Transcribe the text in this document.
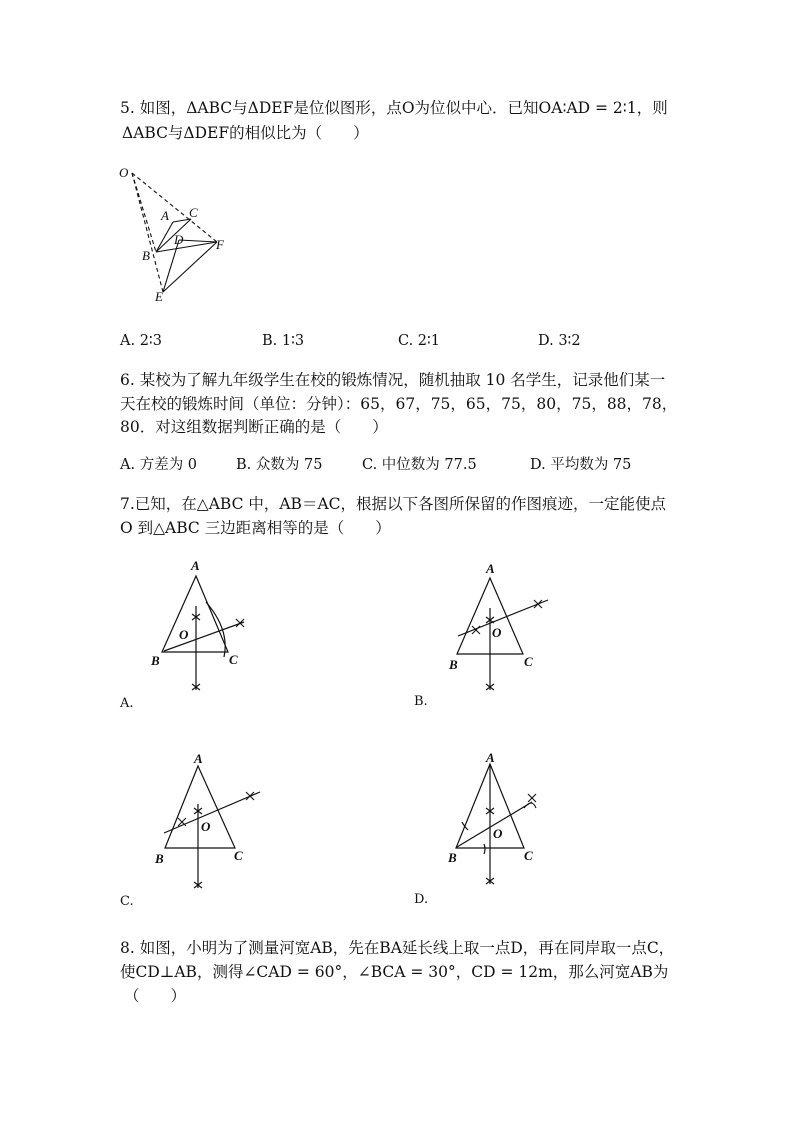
5. 如图，ΔABC与ΔDEF是位似图形，点O为位似中心．已知OA∶AD = 2∶1，则
ΔABC与ΔDEF的相似比为（　　）
O
A C
D	F
B
E
A. 2∶3	B. 1∶3	C. 2∶1	D. 3∶2
6. 某校为了解九年级学生在校的锻炼情况，随机抽取 10 名学生，记录他们某一
天在校的锻炼时间（单位：分钟）：65，67，75，65，75，80，75，88，78，
80．对这组数据判断正确的是（　　）
A. 方差为 0	B. 众数为 75	C. 中位数为 77.5	D. 平均数为 75
7.已知，在△ABC 中，AB＝AC，根据以下各图所保留的作图痕迹，一定能使点
O 到△ABC 三边距离相等的是（　　）
A
O
B	C
A.
A
O
B	C
B.
A
O
B	C
C.
A
O
B	C
D.
8. 如图，小明为了测量河宽AB，先在BA延长线上取一点D，再在同岸取一点C，
使CD⊥AB，测得∠CAD = 60°，∠BCA = 30°，CD = 12m，那么河宽AB为
（　　）
